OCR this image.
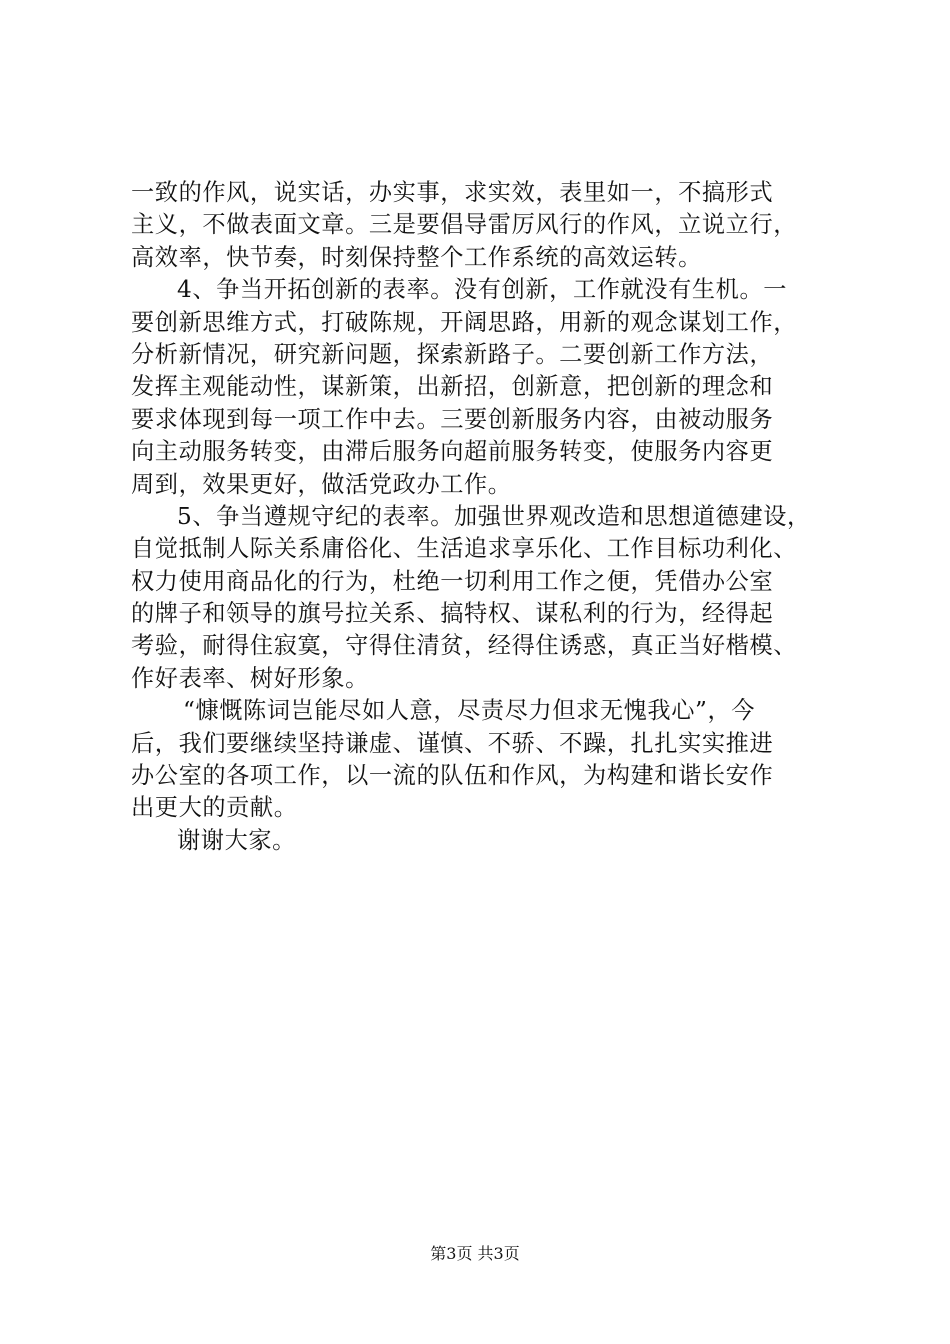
一致的作风，说实话，办实事，求实效，表里如一，不搞形式
主义，不做表面文章。三是要倡导雷厉风行的作风，立说立行，
高效率，快节奏，时刻保持整个工作系统的高效运转。
4、争当开拓创新的表率。没有创新，工作就没有生机。一
要创新思维方式，打破陈规，开阔思路，用新的观念谋划工作，
分析新情况，研究新问题，探索新路子。二要创新工作方法，
发挥主观能动性，谋新策，出新招，创新意，把创新的理念和
要求体现到每一项工作中去。三要创新服务内容，由被动服务
向主动服务转变，由滞后服务向超前服务转变，使服务内容更
周到，效果更好，做活党政办工作。
5、争当遵规守纪的表率。加强世界观改造和思想道德建设，
自觉抵制人际关系庸俗化、生活追求享乐化、工作目标功利化、
权力使用商品化的行为，杜绝一切利用工作之便，凭借办公室
的牌子和领导的旗号拉关系、搞特权、谋私利的行为，经得起
考验，耐得住寂寞，守得住清贫，经得住诱惑，真正当好楷模、
作好表率、树好形象。
“慷慨陈词岂能尽如人意，尽责尽力但求无愧我心”，今
后，我们要继续坚持谦虚、谨慎、不骄、不躁，扎扎实实推进
办公室的各项工作，以一流的队伍和作风，为构建和谐长安作
出更大的贡献。
谢谢大家。
第3页 共3页
